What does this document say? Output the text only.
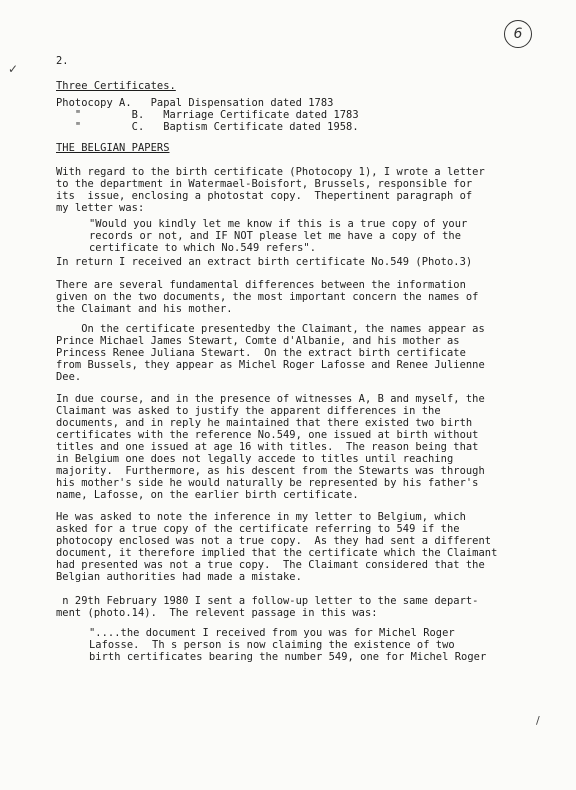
6
✓
2.
Three Certificates.
Photocopy A.   Papal Dispensation dated 1783
"        B.   Marriage Certificate dated 1783
"        C.   Baptism Certificate dated 1958.
THE BELGIAN PAPERS
With regard to the birth certificate (Photocopy 1), I wrote a letter
to the department in Watermael-Boisfort, Brussels, responsible for
its  issue, enclosing a photostat copy.  Thepertinent paragraph of
my letter was:
"Would you kindly let me know if this is a true copy of your
records or not, and IF NOT please let me have a copy of the
certificate to which No.549 refers".
In return I received an extract birth certificate No.549 (Photo.3)
There are several fundamental differences between the information
given on the two documents, the most important concern the names of
the Claimant and his mother.
On the certificate presentedby the Claimant, the names appear as
Prince Michael James Stewart, Comte d'Albanie, and his mother as
Princess Renee Juliana Stewart.  On the extract birth certificate
from Bussels, they appear as Michel Roger Lafosse and Renee Julienne
Dee.
In due course, and in the presence of witnesses A, B and myself, the
Claimant was asked to justify the apparent differences in the
documents, and in reply he maintained that there existed two birth
certificates with the reference No.549, one issued at birth without
titles and one issued at age 16 with titles.  The reason being that
in Belgium one does not legally accede to titles until reaching
majority.  Furthermore, as his descent from the Stewarts was through
his mother's side he would naturally be represented by his father's
name, Lafosse, on the earlier birth certificate.
He was asked to note the inference in my letter to Belgium, which
asked for a true copy of the certificate referring to 549 if the
photocopy enclosed was not a true copy.  As they had sent a different
document, it therefore implied that the certificate which the Claimant
had presented was not a true copy.  The Claimant considered that the
Belgian authorities had made a mistake.
n 29th February 1980 I sent a follow-up letter to the same depart-
ment (photo.14).  The relevent passage in this was:
"....the document I received from you was for Michel Roger
Lafosse.  Th s person is now claiming the existence of two
birth certificates bearing the number 549, one for Michel Roger
/
